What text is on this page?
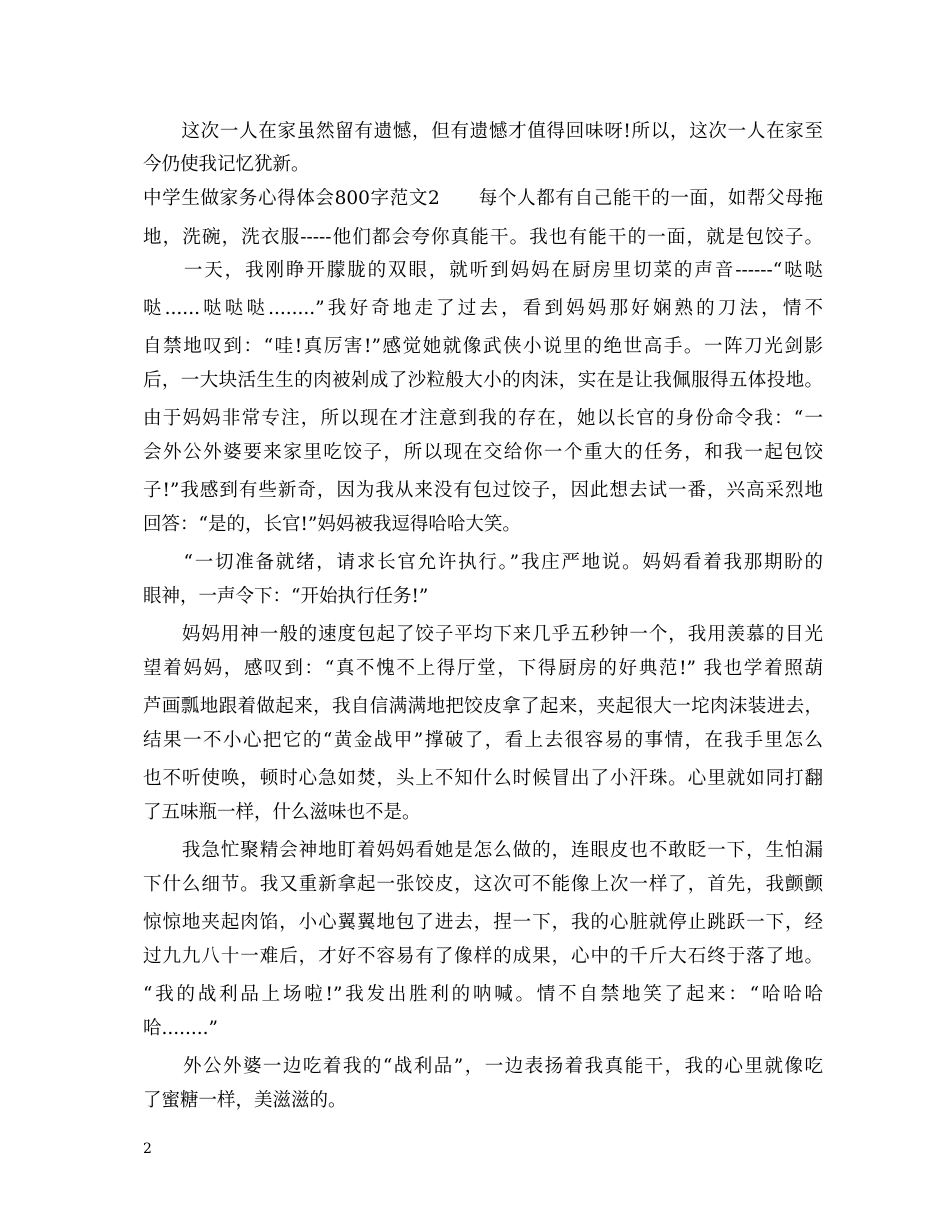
　　这次一人在家虽然留有遗憾，但有遗憾才值得回味呀!所以，这次一人在家至
今仍使我记忆犹新。
中学生做家务心得体会800字范文2　　每个人都有自己能干的一面，如帮父母拖
地，洗碗，洗衣服-----他们都会夸你真能干。我也有能干的一面，就是包饺子。
　　一天，我刚睁开朦胧的双眼，就听到妈妈在厨房里切菜的声音------“哒哒
哒......哒哒哒........”我好奇地走了过去，看到妈妈那好娴熟的刀法，情不
自禁地叹到：“哇!真厉害!”感觉她就像武侠小说里的绝世高手。一阵刀光剑影
后，一大块活生生的肉被剁成了沙粒般大小的肉沫，实在是让我佩服得五体投地。
由于妈妈非常专注，所以现在才注意到我的存在，她以长官的身份命令我：“一
会外公外婆要来家里吃饺子，所以现在交给你一个重大的任务，和我一起包饺
子!”我感到有些新奇，因为我从来没有包过饺子，因此想去试一番，兴高采烈地
回答：“是的，长官!”妈妈被我逗得哈哈大笑。
　　“一切准备就绪，请求长官允许执行。”我庄严地说。妈妈看着我那期盼的
眼神，一声令下：“开始执行任务!”
　　妈妈用神一般的速度包起了饺子平均下来几乎五秒钟一个，我用羡慕的目光
望着妈妈，感叹到：“真不愧不上得厅堂，下得厨房的好典范!” 我也学着照葫
芦画瓢地跟着做起来，我自信满满地把饺皮拿了起来，夹起很大一坨肉沫装进去，
结果一不小心把它的“黄金战甲”撑破了，看上去很容易的事情，在我手里怎么
也不听使唤，顿时心急如焚，头上不知什么时候冒出了小汗珠。心里就如同打翻
了五味瓶一样，什么滋味也不是。
　　我急忙聚精会神地盯着妈妈看她是怎么做的，连眼皮也不敢眨一下，生怕漏
下什么细节。我又重新拿起一张饺皮，这次可不能像上次一样了，首先，我颤颤
惊惊地夹起肉馅，小心翼翼地包了进去，捏一下，我的心脏就停止跳跃一下，经
过九九八十一难后，才好不容易有了像样的成果，心中的千斤大石终于落了地。
“我的战利品上场啦!”我发出胜利的呐喊。情不自禁地笑了起来：“哈哈哈
哈........”
　　外公外婆一边吃着我的“战利品”，一边表扬着我真能干，我的心里就像吃
了蜜糖一样，美滋滋的。
2
